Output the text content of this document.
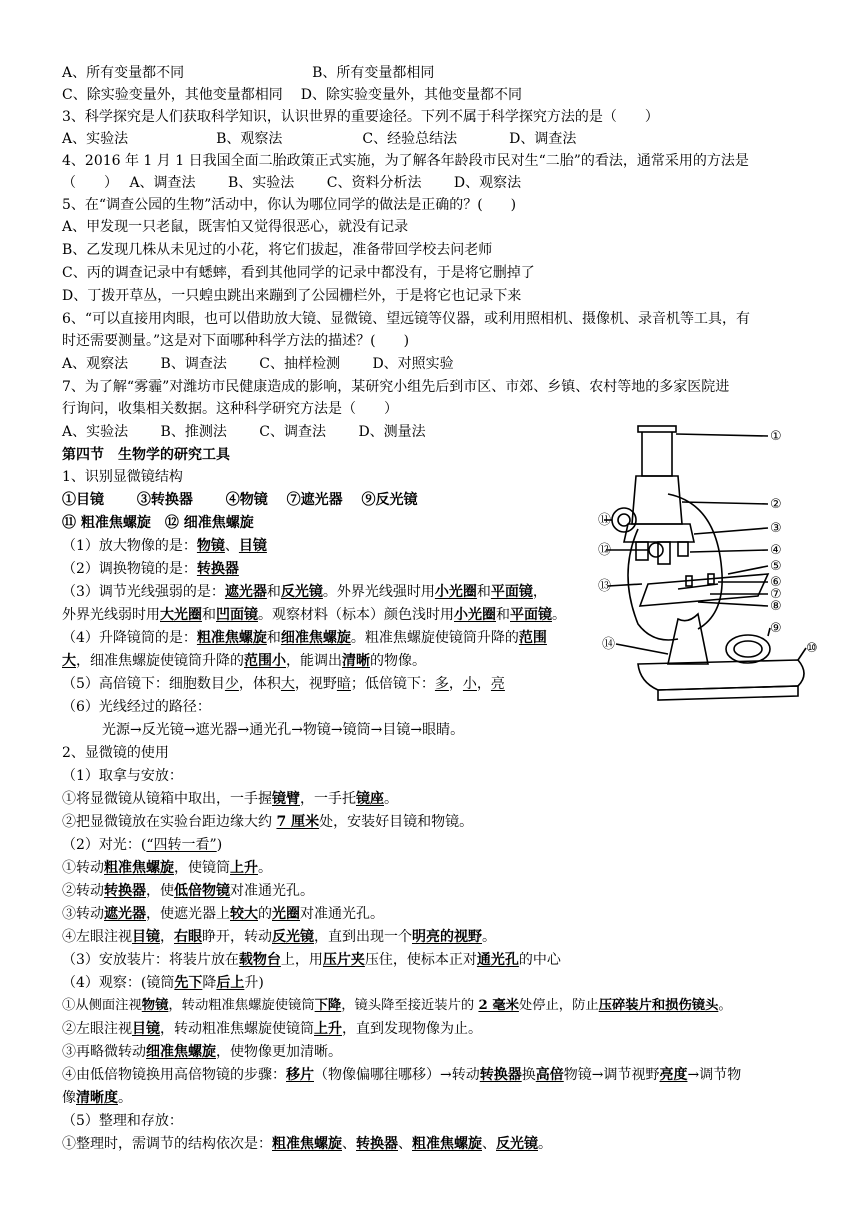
A、所有变量都不同	B、所有变量都相同
C、除实验变量外，其他变量都相同 D、除实验变量外，其他变量都不同
3、科学探究是人们获取科学知识，认识世界的重要途径。下列不属于科学探究方法的是（　　）
A、实验法	B、观察法	C、经验总结法	D、调查法
4、2016 年 1 月 1 日我国全面二胎政策正式实施，为了解各年龄段市民对生“二胎”的看法，通常采用的方法是
（　　）　 A、调查法　　 B、实验法　　 C、资料分析法　　 D、观察法
5、在“调查公园的生物”活动中，你认为哪位同学的做法是正确的？(　　)
A、甲发现一只老鼠，既害怕又觉得很恶心，就没有记录
B、乙发现几株从未见过的小花，将它们拔起，准备带回学校去问老师
C、丙的调查记录中有蟋蟀，看到其他同学的记录中都没有，于是将它删掉了
D、丁拨开草丛，一只蝗虫跳出来蹦到了公园栅栏外，于是将它也记录下来
6、“可以直接用肉眼，也可以借助放大镜、显微镜、望远镜等仪器，或利用照相机、摄像机、录音机等工具，有
时还需要测量。”这是对下面哪种科学方法的描述？(　　)
A、观察法　　 B、调查法　　 C、抽样检测　　 D、对照实验
7、为了解“雾霾”对潍坊市民健康造成的影响，某研究小组先后到市区、市郊、乡镇、农村等地的多家医院进
行询问，收集相关数据。这种科学研究方法是（　　）
A、实验法　　 B、推测法　　 C、调查法　　 D、测量法
第四节　生物学的研究工具
1、识别显微镜结构
①目镜　　 ③转换器　　 ④物镜　 ⑦遮光器　 ⑨反光镜
⑪ 粗准焦螺旋　⑫ 细准焦螺旋
（1）放大物像的是：物镜、目镜
（2）调换物镜的是：转换器
（3）调节光线强弱的是：遮光器和反光镜。外界光线强时用小光圈和平面镜，
外界光线弱时用大光圈和凹面镜。观察材料（标本）颜色浅时用小光圈和平面镜。
（4）升降镜筒的是：粗准焦螺旋和细准焦螺旋。粗准焦螺旋使镜筒升降的范围
大，细准焦螺旋使镜筒升降的范围小，能调出清晰的物像。
（5）高倍镜下：细胞数目少，体积大，视野暗；低倍镜下：多，小，亮
（6）光线经过的路径：
光源→反光镜→遮光器→通光孔→物镜→镜筒→目镜→眼睛。
2、显微镜的使用
（1）取拿与安放：
①将显微镜从镜箱中取出，一手握镜臂，一手托镜座。
②把显微镜放在实验台距边缘大约 7 厘米处，安装好目镜和物镜。
（2）对光：(“四转一看”)
①转动粗准焦螺旋，使镜筒上升。
②转动转换器，使低倍物镜对准通光孔。
③转动遮光器，使遮光器上较大的光圈对准通光孔。
④左眼注视目镜，右眼睁开，转动反光镜，直到出现一个明亮的视野。
（3）安放装片：将装片放在载物台上，用压片夹压住，使标本正对通光孔的中心
（4）观察：(镜筒先下降后上升)
①从侧面注视物镜，转动粗准焦螺旋使镜筒下降，镜头降至接近装片的 2 毫米处停止，防止压碎装片和损伤镜头。
②左眼注视目镜，转动粗准焦螺旋使镜筒上升，直到发现物像为止。
③再略微转动细准焦螺旋，使物像更加清晰。
④由低倍物镜换用高倍物镜的步骤：移片（物像偏哪往哪移）→转动转换器换高倍物镜→调节视野亮度→调节物
像清晰度。
（5）整理和存放：
①整理时，需调节的结构依次是：粗准焦螺旋、转换器、粗准焦螺旋、反光镜。
①
②
③
④
⑤
⑥
⑦
⑧
⑨
⑩
⑪
⑫
⑬
⑭
